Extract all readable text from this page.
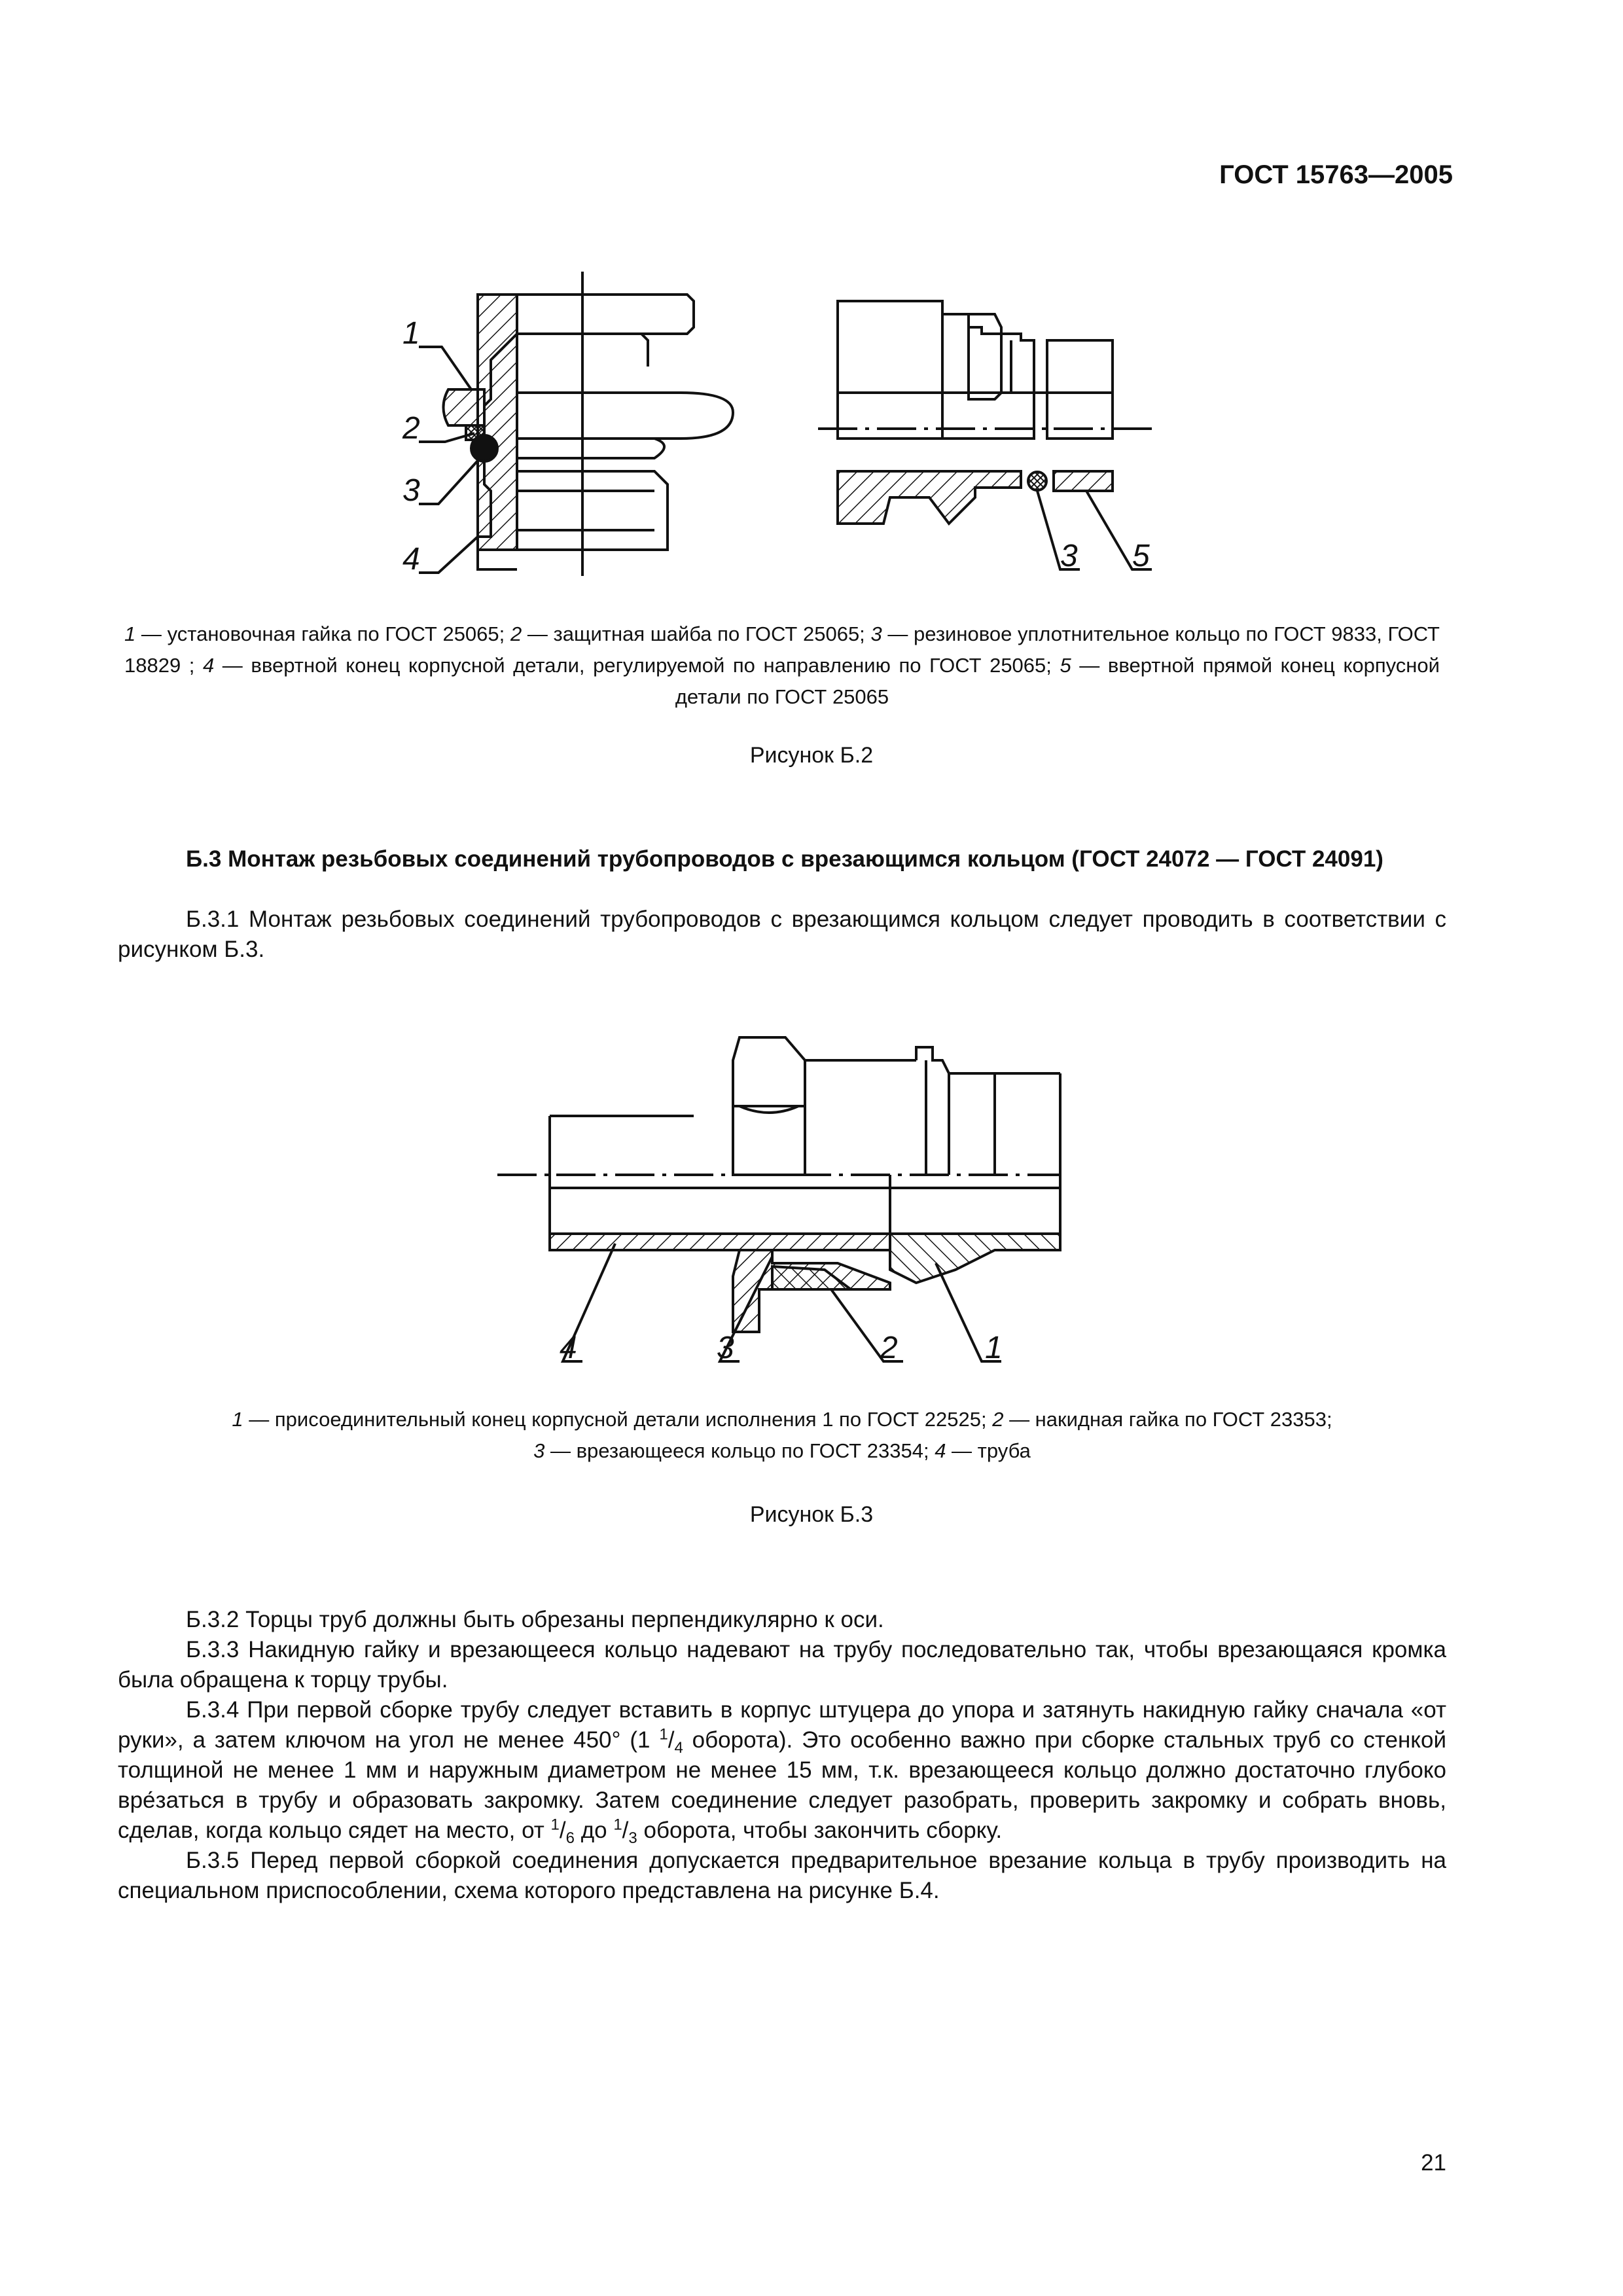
ГОСТ 15763—2005
1
2
3
4	3 5
1 — установочная гайка по ГОСТ 25065; 2 — защитная шайба по ГОСТ 25065; 3 — резиновое уплотнительное кольцо по ГОСТ 9833, ГОСТ 18829 ; 4 — ввертной конец корпусной детали, регулируемой по направлению по ГОСТ 25065; 5 — ввертной прямой конец корпусной детали по ГОСТ 25065
Рисунок Б.2
Б.3 Монтаж резьбовых соединений трубопроводов с врезающимся кольцом (ГОСТ 24072 — ГОСТ 24091)
Б.3.1 Монтаж резьбовых соединений трубопроводов с врезающимся кольцом следует проводить в соответствии с рисунком Б.3.
4	3	2	1
1 — присоединительный конец корпусной детали исполнения 1 по ГОСТ 22525; 2 — накидная гайка по ГОСТ 23353;
3 — врезающееся кольцо по ГОСТ 23354; 4 — труба
Рисунок Б.3
Б.3.2 Торцы труб должны быть обрезаны перпендикулярно к оси.
Б.3.3 Накидную гайку и врезающееся кольцо надевают на трубу последовательно так, чтобы врезающаяся кромка была обращена к торцу трубы.
Б.3.4 При первой сборке трубу следует вставить в корпус штуцера до упора и затянуть накидную гайку сначала «от руки», а затем ключом на угол не менее 450° (1 $^1/_4$ оборота). Это особенно важно при сборке стальных труб со стенкой толщиной не менее 1 мм и наружным диаметром не менее 15 мм, т.к. врезающееся кольцо должно достаточно глубоко вре́заться в трубу и образовать закромку. Затем соединение следует разобрать, проверить закромку и собрать вновь, сделав, когда кольцо сядет на место, от $^1/_6$ до $^1/_3$ оборота, чтобы закончить сборку.
Б.3.5 Перед первой сборкой соединения допускается предварительное врезание кольца в трубу производить на специальном приспособлении, схема которого представлена на рисунке Б.4.
21
